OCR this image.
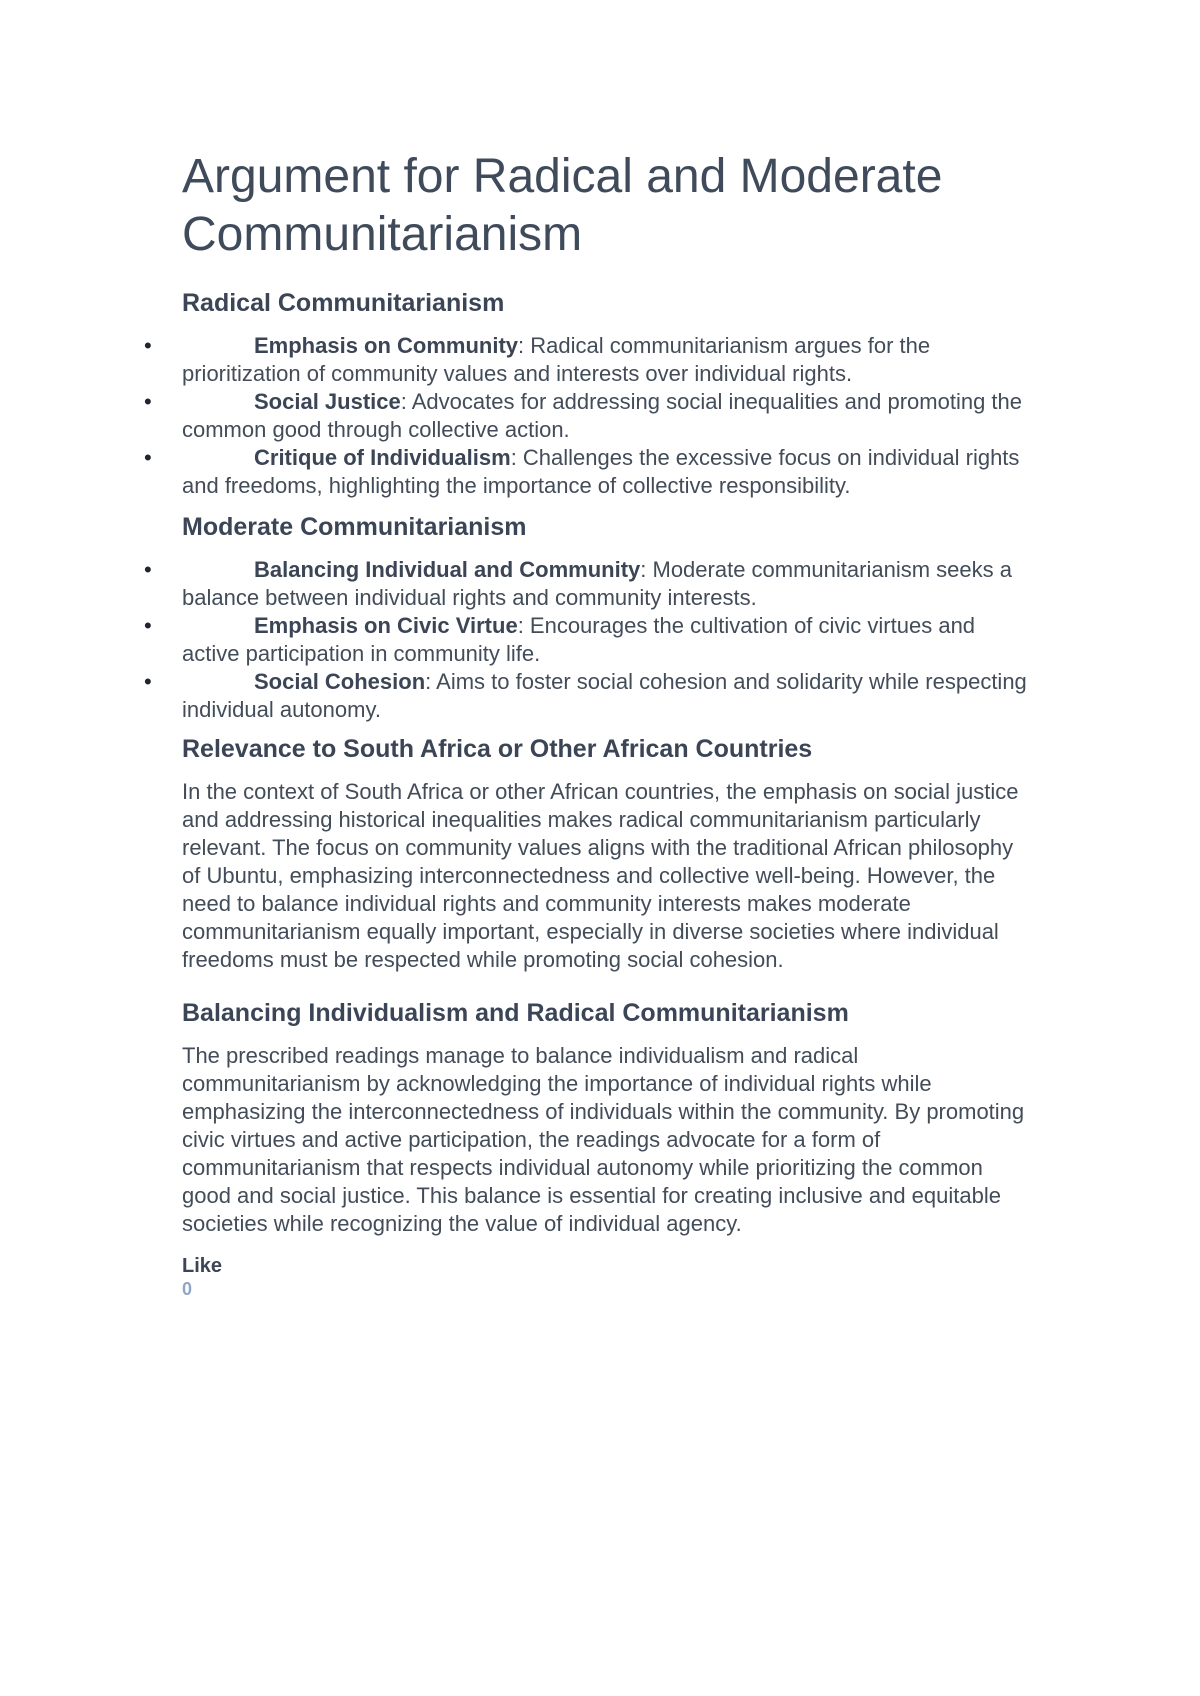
Argument for Radical and Moderate Communitarianism
Radical Communitarianism
•	Emphasis on Community: Radical communitarianism argues for the prioritization of community values and interests over individual rights.
•	Social Justice: Advocates for addressing social inequalities and promoting the common good through collective action.
•	Critique of Individualism: Challenges the excessive focus on individual rights and freedoms, highlighting the importance of collective responsibility.
Moderate Communitarianism
•	Balancing Individual and Community: Moderate communitarianism seeks a balance between individual rights and community interests.
•	Emphasis on Civic Virtue: Encourages the cultivation of civic virtues and active participation in community life.
•	Social Cohesion: Aims to foster social cohesion and solidarity while respecting individual autonomy.
Relevance to South Africa or Other African Countries

In the context of South Africa or other African countries, the emphasis on social justice and addressing historical inequalities makes radical communitarianism particularly relevant. The focus on community values aligns with the traditional African philosophy of Ubuntu, emphasizing interconnectedness and collective well-being. However, the need to balance individual rights and community interests makes moderate communitarianism equally important, especially in diverse societies where individual freedoms must be respected while promoting social cohesion.

Balancing Individualism and Radical Communitarianism

The prescribed readings manage to balance individualism and radical communitarianism by acknowledging the importance of individual rights while emphasizing the interconnectedness of individuals within the community. By promoting civic virtues and active participation, the readings advocate for a form of communitarianism that respects individual autonomy while prioritizing the common good and social justice. This balance is essential for creating inclusive and equitable societies while recognizing the value of individual agency.

Like
0
